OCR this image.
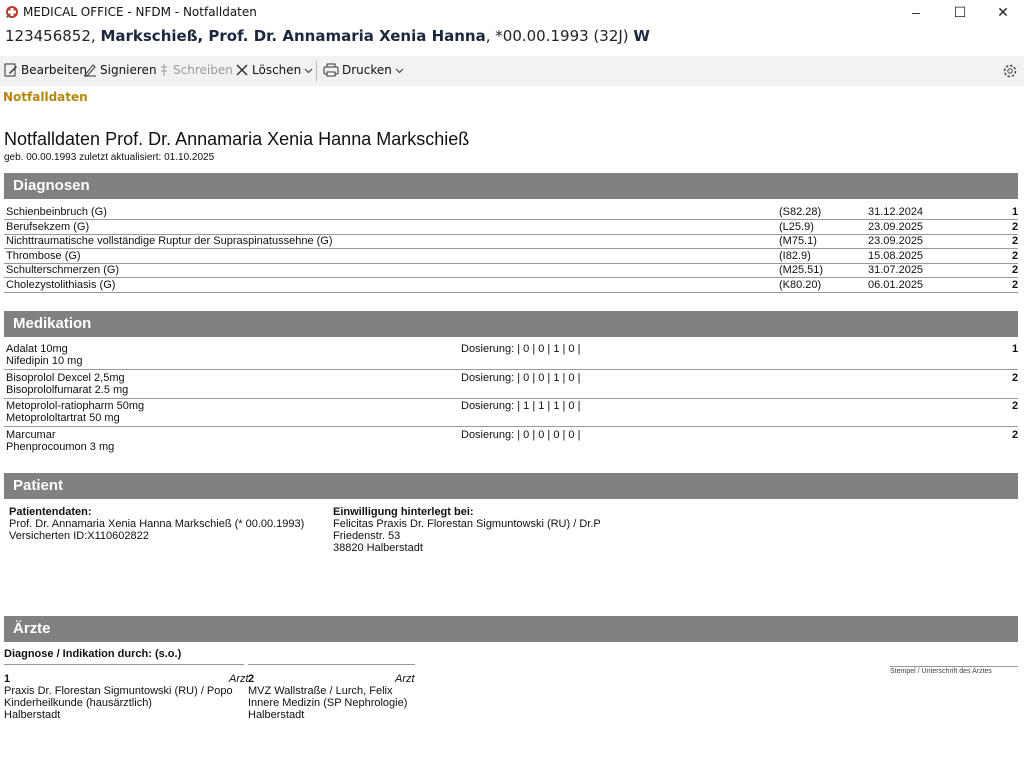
MEDICAL OFFICE - NFDM - Notfalldaten	– ☐ ✕
123456852, Markschieß, Prof. Dr. Annamaria Xenia Hanna, *00.00.1993 (32J) W
Bearbeiten Signieren Schreiben Löschen	Drucken
Notfalldaten
Notfalldaten Prof. Dr. Annamaria Xenia Hanna Markschieß
geb. 00.00.1993 zuletzt aktualisiert: 01.10.2025
Diagnosen
Schienbeinbruch (G)	(S82.28)	31.12.2024	1
Berufsekzem (G)	(L25.9)	23.09.2025	2
Nichttraumatische vollständige Ruptur der Supraspinatussehne (G)	(M75.1)	23.09.2025	2
Thrombose (G)	(I82.9)	15.08.2025	2
Schulterschmerzen (G)	(M25.51)	31.07.2025	2
Cholezystolithiasis (G)	(K80.20)	06.01.2025	2
Medikation
Adalat 10mg
Nifedipin 10 mg
Dosierung: | 0 | 0 | 1 | 0 |	1
Bisoprolol Dexcel 2,5mg
Bisoprololfumarat 2.5 mg
Dosierung: | 0 | 0 | 1 | 0 |	2
Metoprolol-ratiopharm 50mg
Metoprololtartrat 50 mg
Dosierung: | 1 | 1 | 1 | 0 |	2
Marcumar
Phenprocoumon 3 mg
Dosierung: | 0 | 0 | 0 | 0 |	2
Patient
Patientendaten:
Prof. Dr. Annamaria Xenia Hanna Markschieß (* 00.00.1993)
Versicherten ID:X110602822
Einwilligung hinterlegt bei:
Felicitas Praxis Dr. Florestan Sigmuntowski (RU) / Dr.P
Friedenstr. 53
38820 Halberstadt
Ärzte
Diagnose / Indikation durch: (s.o.)
1	Arzt
Praxis Dr. Florestan Sigmuntowski (RU) / Popo
Kinderheilkunde (hausärztlich)
Halberstadt
2	Arzt
MVZ Wallstraße / Lurch, Felix
Innere Medizin (SP Nephrologie)
Halberstadt
Stempel / Unterschrift des Arztes
